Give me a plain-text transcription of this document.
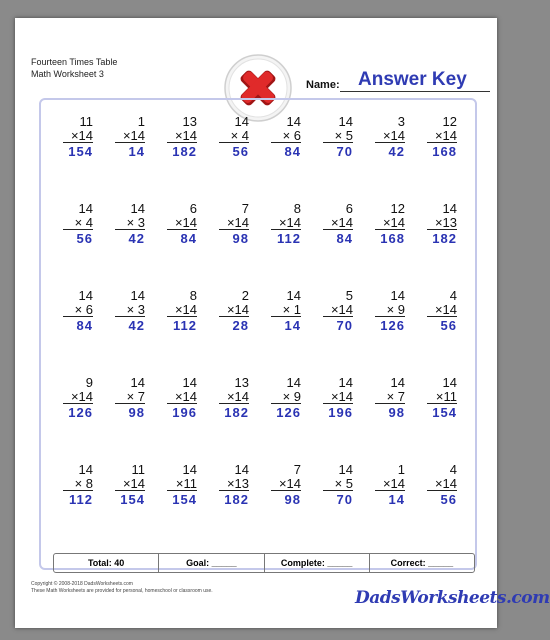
Fourteen Times Table
Math Worksheet 3
Name: Answer Key
11
×14
154
1
×14
14
13
×14
182
14
× 4
56
14
× 6
84
14
× 5
70
3
×14
42
12
×14
168
14
× 4
56
14
× 3
42
6
×14
84
7
×14
98
8
×14
112
6
×14
84
12
×14
168
14
×13
182
14
× 6
84
14
× 3
42
8
×14
112
2
×14
28
14
× 1
14
5
×14
70
14
× 9
126
4
×14
56
9
×14
126
14
× 7
98
14
×14
196
13
×14
182
14
× 9
126
14
×14
196
14
× 7
98
14
×11
154
14
× 8
112
11
×14
154
14
×11
154
14
×13
182
7
×14
98
14
× 5
70
1
×14
14
4
×14
56
Total: 40	Goal: _____	Complete: _____	Correct: _____
Copyright © 2008-2018 DadsWorksheets.com
These Math Worksheets are provided for personal, homeschool or classroom use.	DadsWorksheets.com
